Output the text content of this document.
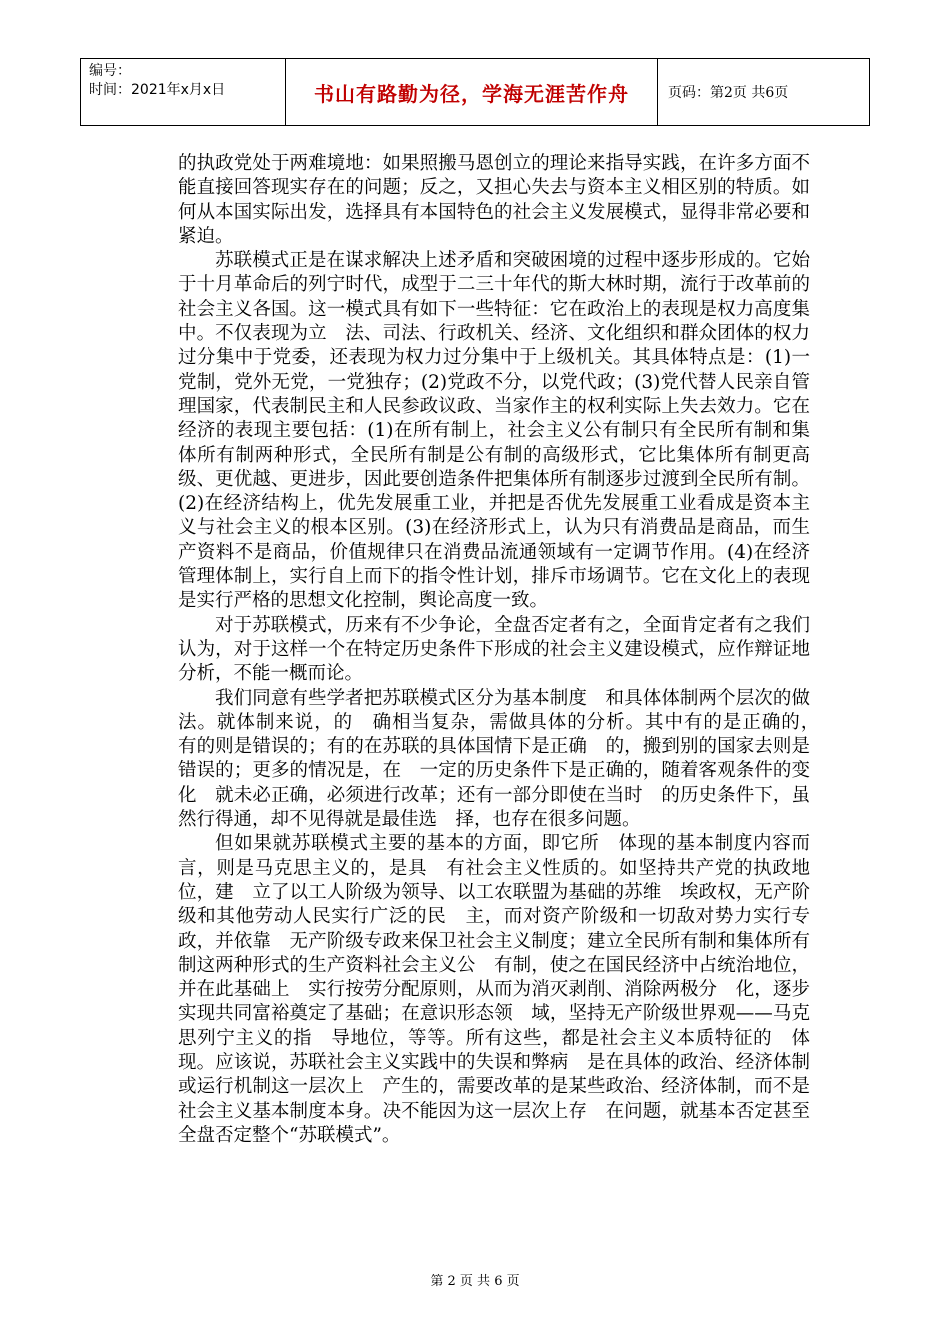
编号：
时间：2021年x月x日	书山有路勤为径，学海无涯苦作舟	页码：第2页 共6页

的执政党处于两难境地：如果照搬马恩创立的理论来指导实践，在许多方面不能直接回答现实存在的问题；反之，又担心失去与资本主义相区别的特质。如何从本国实际出发，选择具有本国特色的社会主义发展模式，显得非常必要和紧迫。

苏联模式正是在谋求解决上述矛盾和突破困境的过程中逐步形成的。它始于十月革命后的列宁时代，成型于二三十年代的斯大林时期，流行于改革前的社会主义各国。这一模式具有如下一些特征：它在政治上的表现是权力高度集中。不仅表现为立　法、司法、行政机关、经济、文化组织和群众团体的权力过分集中于党委，还表现为权力过分集中于上级机关。其具体特点是：(1)一党制，党外无党，一党独存；(2)党政不分，以党代政；(3)党代替人民亲自管理国家，代表制民主和人民参政议政、当家作主的权利实际上失去效力。它在经济的表现主要包括：(1)在所有制上，社会主义公有制只有全民所有制和集体所有制两种形式，全民所有制是公有制的高级形式，它比集体所有制更高级、更优越、更进步，因此要创造条件把集体所有制逐步过渡到全民所有制。(2)在经济结构上，优先发展重工业，并把是否优先发展重工业看成是资本主义与社会主义的根本区别。(3)在经济形式上，认为只有消费品是商品，而生产资料不是商品，价值规律只在消费品流通领域有一定调节作用。(4)在经济管理体制上，实行自上而下的指令性计划，排斥市场调节。它在文化上的表现是实行严格的思想文化控制，舆论高度一致。

对于苏联模式，历来有不少争论，全盘否定者有之，全面肯定者有之我们认为，对于这样一个在特定历史条件下形成的社会主义建设模式，应作辩证地分析，不能一概而论。

我们同意有些学者把苏联模式区分为基本制度　和具体体制两个层次的做法。就体制来说，的　确相当复杂，需做具体的分析。其中有的是正确的，　有的则是错误的；有的在苏联的具体国情下是正确　的，搬到别的国家去则是错误的；更多的情况是，在　一定的历史条件下是正确的，随着客观条件的变化　就未必正确，必须进行改革；还有一部分即使在当时　的历史条件下，虽然行得通，却不见得就是最佳选　择，也存在很多问题。

但如果就苏联模式主要的基本的方面，即它所　体现的基本制度内容而言，则是马克思主义的，是具　有社会主义性质的。如坚持共产党的执政地位，建　立了以工人阶级为领导、以工农联盟为基础的苏维　埃政权，无产阶级和其他劳动人民实行广泛的民　主，而对资产阶级和一切敌对势力实行专政，并依靠　无产阶级专政来保卫社会主义制度；建立全民所有制和集体所有制这两种形式的生产资料社会主义公　有制，使之在国民经济中占统治地位，并在此基础上　实行按劳分配原则，从而为消灭剥削、消除两极分　化，逐步实现共同富裕奠定了基础；在意识形态领　域，坚持无产阶级世界观——马克思列宁主义的指　导地位，等等。所有这些，都是社会主义本质特征的　体现。应该说，苏联社会主义实践中的失误和弊病　是在具体的政治、经济体制或运行机制这一层次上　产生的，需要改革的是某些政治、经济体制，而不是　社会主义基本制度本身。决不能因为这一层次上存　在问题，就基本否定甚至全盘否定整个“苏联模式”。

第 2 页 共 6 页
